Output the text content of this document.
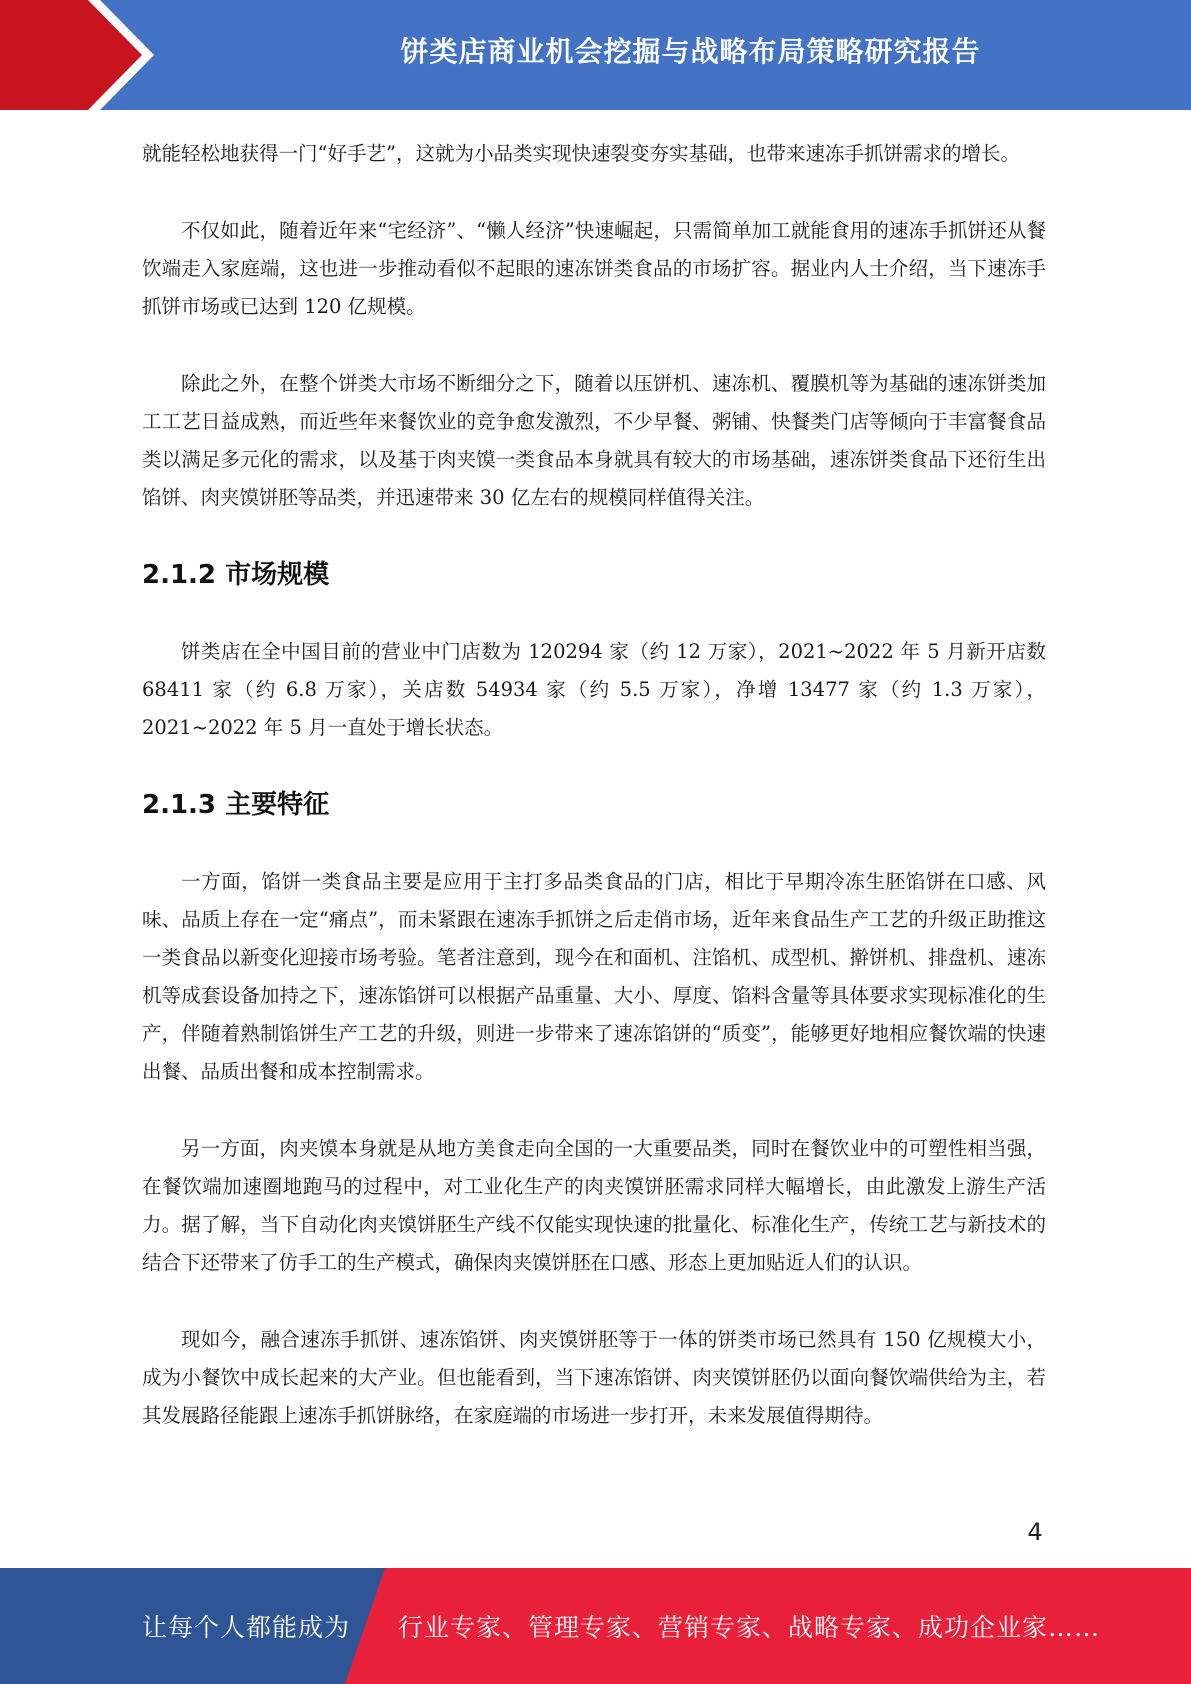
饼类店商业机会挖掘与战略布局策略研究报告

就能轻松地获得一门“好手艺”，这就为小品类实现快速裂变夯实基础，也带来速冻手抓饼需求的增长。

不仅如此，随着近年来“宅经济”、“懒人经济”快速崛起，只需简单加工就能食用的速冻手抓饼还从餐饮端走入家庭端，这也进一步推动看似不起眼的速冻饼类食品的市场扩容。据业内人士介绍，当下速冻手抓饼市场或已达到 120 亿规模。

除此之外，在整个饼类大市场不断细分之下，随着以压饼机、速冻机、覆膜机等为基础的速冻饼类加工工艺日益成熟，而近些年来餐饮业的竞争愈发激烈，不少早餐、粥铺、快餐类门店等倾向于丰富餐食品类以满足多元化的需求，以及基于肉夹馍一类食品本身就具有较大的市场基础，速冻饼类食品下还衍生出馅饼、肉夹馍饼胚等品类，并迅速带来 30 亿左右的规模同样值得关注。

2.1.2 市场规模

饼类店在全中国目前的营业中门店数为 120294 家（约 12 万家），2021~2022 年 5 月新开店数 68411 家（约 6.8 万家），关店数 54934 家（约 5.5 万家），净增 13477 家（约 1.3 万家），2021~2022 年 5 月一直处于增长状态。

2.1.3 主要特征

一方面，馅饼一类食品主要是应用于主打多品类食品的门店，相比于早期冷冻生胚馅饼在口感、风味、品质上存在一定“痛点”，而未紧跟在速冻手抓饼之后走俏市场，近年来食品生产工艺的升级正助推这一类食品以新变化迎接市场考验。笔者注意到，现今在和面机、注馅机、成型机、擀饼机、排盘机、速冻机等成套设备加持之下，速冻馅饼可以根据产品重量、大小、厚度、馅料含量等具体要求实现标准化的生产，伴随着熟制馅饼生产工艺的升级，则进一步带来了速冻馅饼的“质变”，能够更好地相应餐饮端的快速出餐、品质出餐和成本控制需求。

另一方面，肉夹馍本身就是从地方美食走向全国的一大重要品类，同时在餐饮业中的可塑性相当强，在餐饮端加速圈地跑马的过程中，对工业化生产的肉夹馍饼胚需求同样大幅增长，由此激发上游生产活力。据了解，当下自动化肉夹馍饼胚生产线不仅能实现快速的批量化、标准化生产，传统工艺与新技术的结合下还带来了仿手工的生产模式，确保肉夹馍饼胚在口感、形态上更加贴近人们的认识。

现如今，融合速冻手抓饼、速冻馅饼、肉夹馍饼胚等于一体的饼类市场已然具有 150 亿规模大小，成为小餐饮中成长起来的大产业。但也能看到，当下速冻馅饼、肉夹馍饼胚仍以面向餐饮端供给为主，若其发展路径能跟上速冻手抓饼脉络，在家庭端的市场进一步打开，未来发展值得期待。

4
让每个人都能成为 行业专家、管理专家、营销专家、战略专家、成功企业家……
